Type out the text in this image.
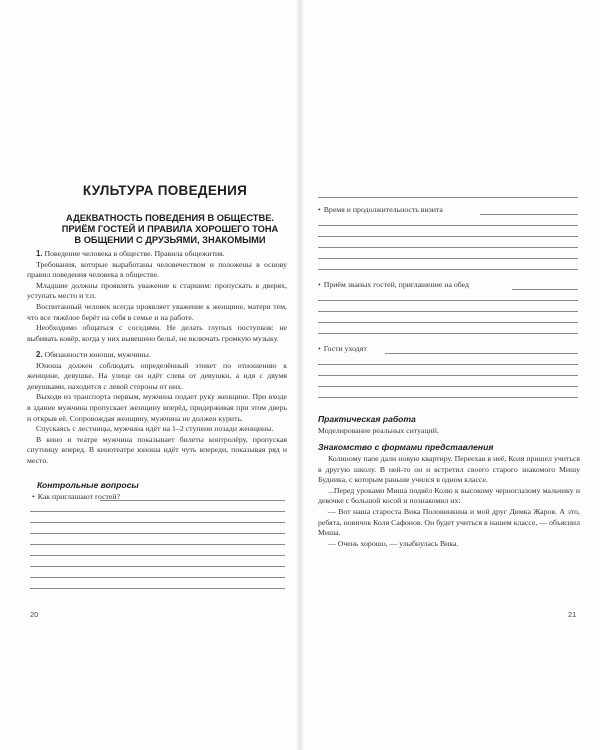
КУЛЬТУРА ПОВЕДЕНИЯ
АДЕКВАТНОСТЬ ПОВЕДЕНИЯ В ОБЩЕСТВЕ.
ПРИЁМ ГОСТЕЙ И ПРАВИЛА ХОРОШЕГО ТОНА
В ОБЩЕНИИ С ДРУЗЬЯМИ, ЗНАКОМЫМИ

1. Поведение человека в обществе. Правила общежития.

Требования, которые выработаны человечеством и положены в основу правил поведения человека в обществе.

Младшие должны проявлять уважение к старшим: пропускать в дверях, уступать место и т.п.

Воспитанный человек всегда проявляет уважение к женщине, матери тем, что все тяжёлое берёт на себя в семье и на работе.

Необходимо общаться с соседями. Не делать глупых поступков: не выбивать ковёр, когда у них вывешено бельё, не включать громкую музыку.

2. Обязанности юноши, мужчины.

Юноша должен соблюдать определённый этикет по отношению к женщине, девушке. На улице он идёт слева от девушки, а идя с двумя девушками, находится с левой стороны от них.

Выходя из транспорта первым, мужчина подает руку женщине. При входе в здание мужчина пропускает женщину вперёд, придерживая при этом дверь и открыв её. Сопровождая женщину, мужчина не должен курить.

Спускаясь с лестницы, мужчина идёт на 1–2 ступени позади женщины.

В кино и театре мужчина показывает билеты контролёру, пропуская спутницу вперед. В кинотеатре юноша идёт чуть впереди, показывая ряд и место.

Контрольные вопросы
• Как приглашают гостей?
20
• Время и продолжительность визита
• Приём званых гостей, приглашение на обед
• Гости уходят
Практическая работа
Моделирование реальных ситуаций.
Знакомство с формами представления

Колиному папе дали новую квартиру. Переехав в неё, Коля пришел учиться в другую школу. В ней-то он и встретил своего старого знакомого Мишу Будника, с которым раньше учился в одном классе.

...Перед уроками Миша подвёл Колю к высокому черноглазому мальчику и девочке с большой косой и познакомил их:

— Вот наша староста Вика Половинкина и мой друг Димка Жаров. А это, ребята, новичок Коля Сафонов. Он будет учиться в нашем классе, — объяснил Миша.

— Очень хорошо, — улыбнулась Вика.

21
